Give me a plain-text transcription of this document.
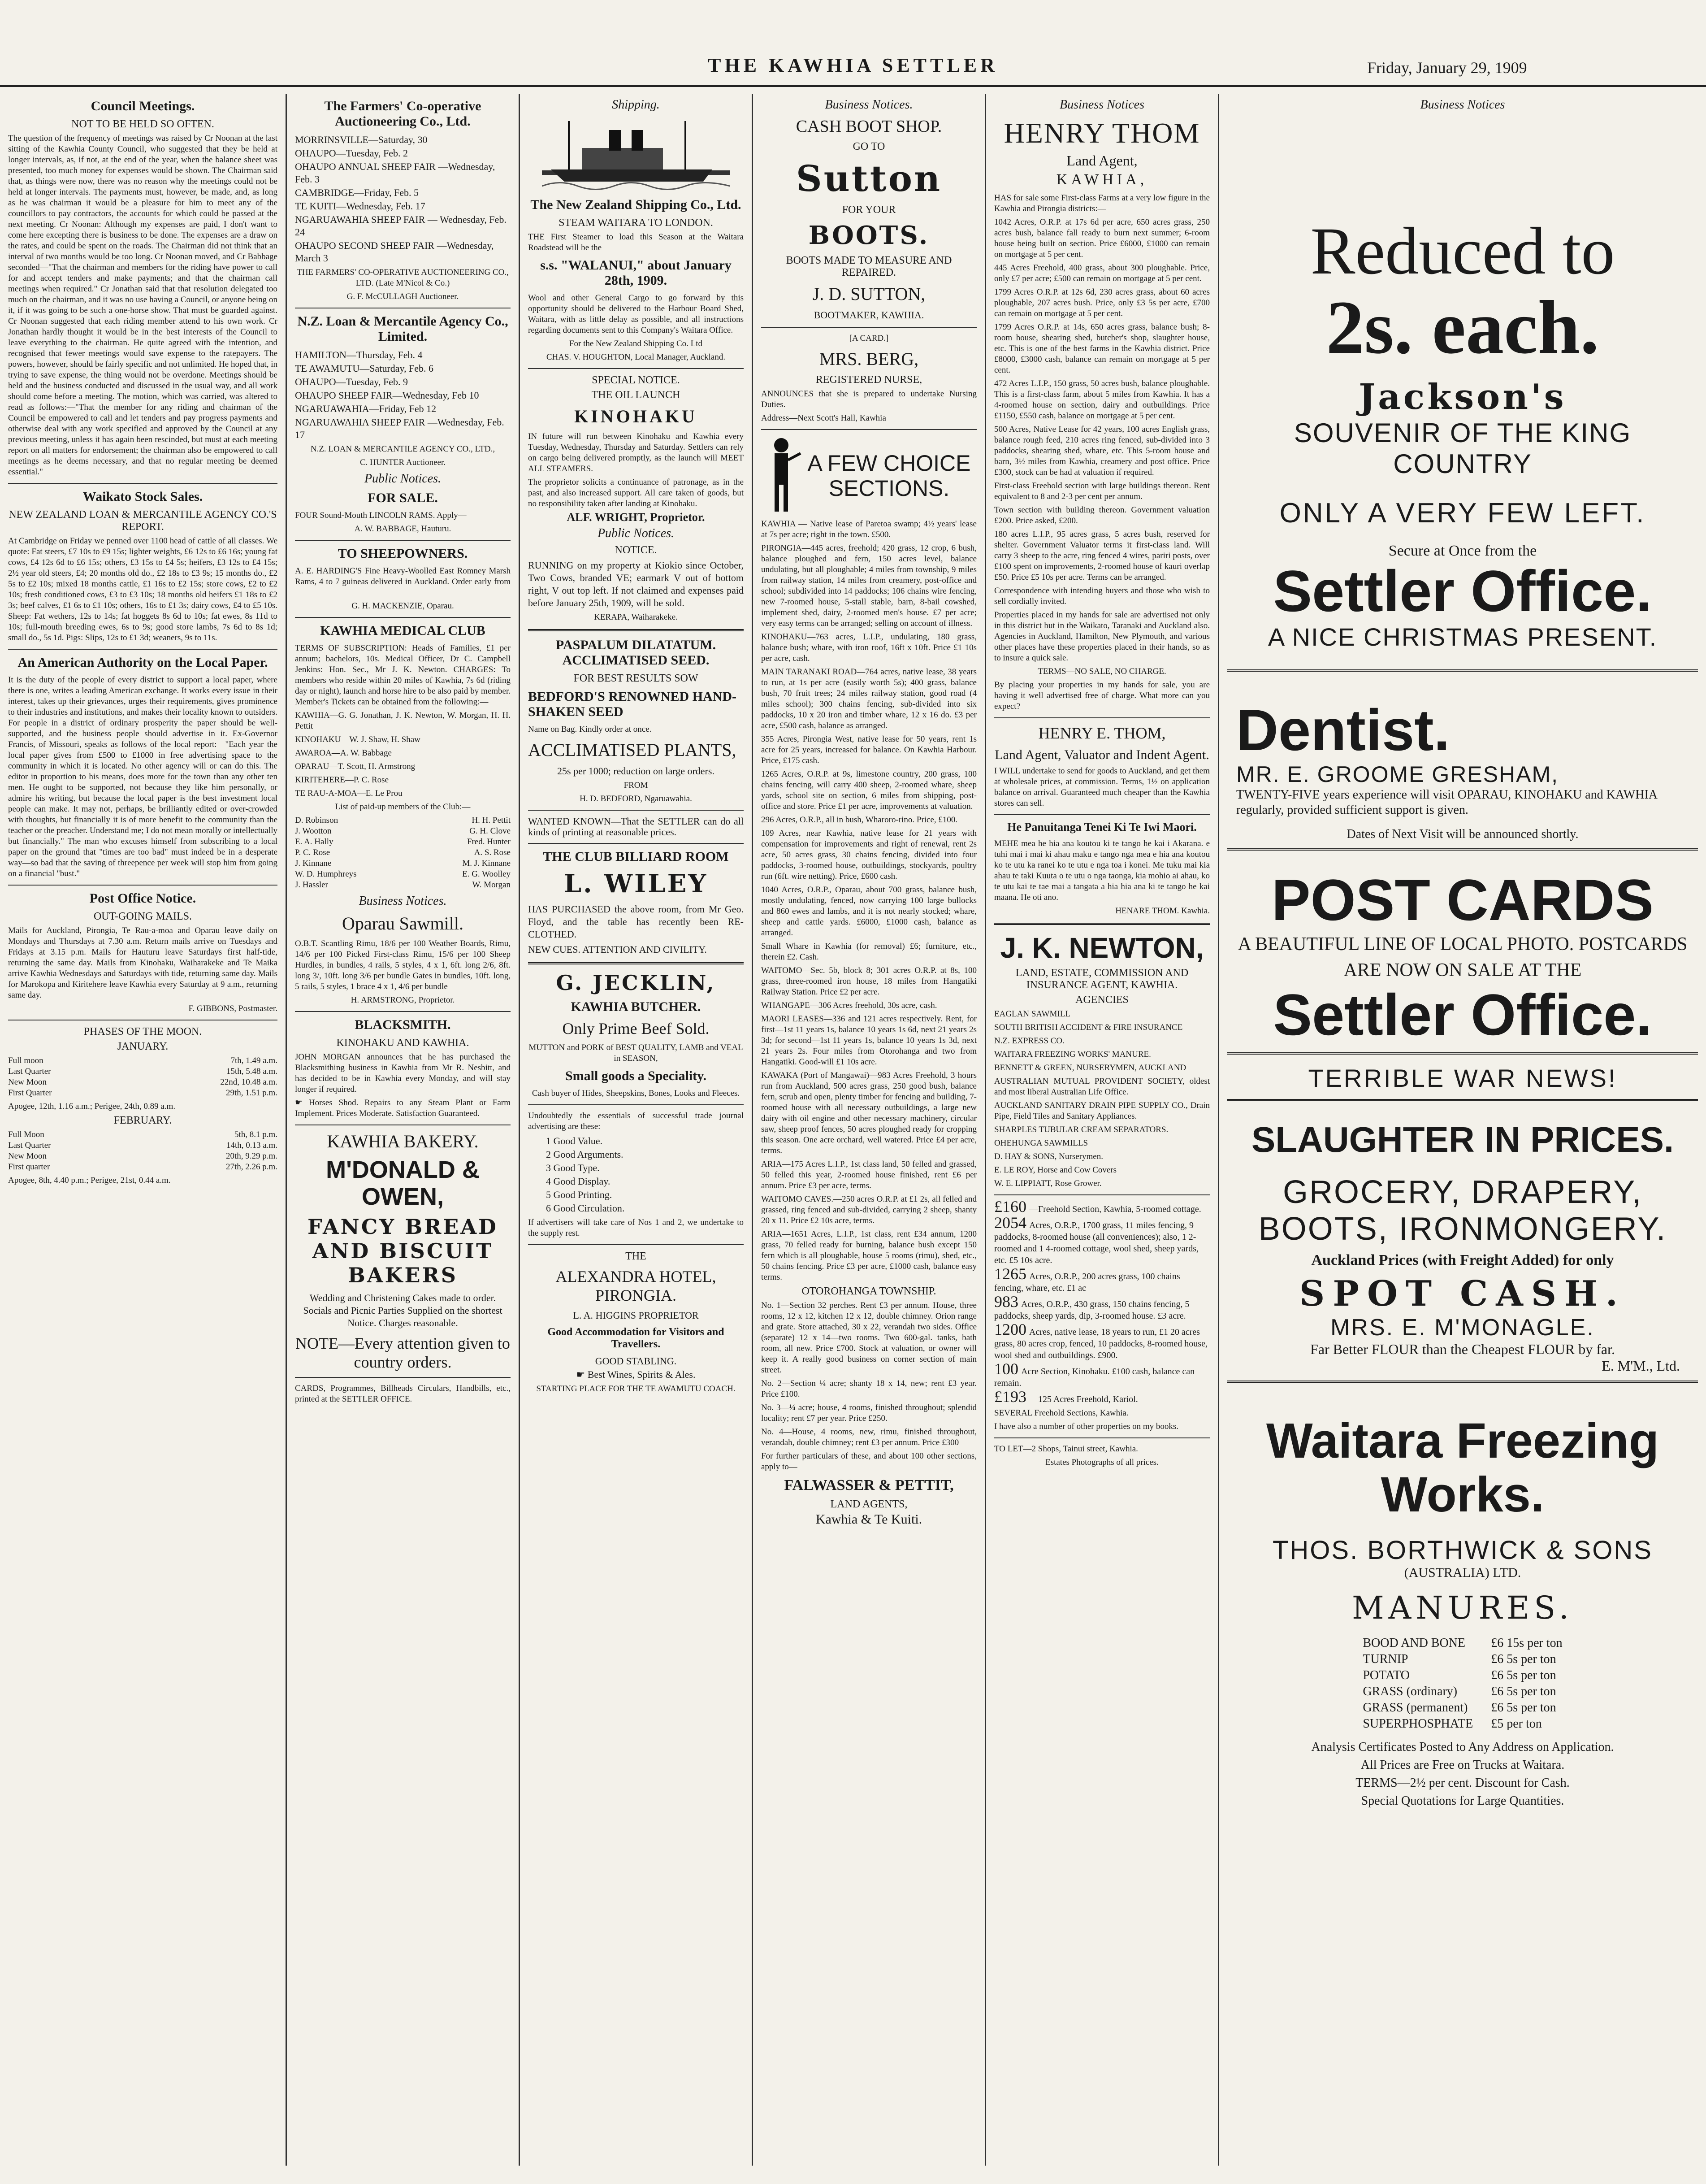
THE KAWHIA SETTLER	Friday, January 29, 1909
Council Meetings.
NOT TO BE HELD SO OFTEN.
The question of the frequency of meetings was raised by Cr Noonan at the last sitting of the Kawhia County Council, who suggested that they be held at longer intervals, as, if not, at the end of the year, when the balance sheet was presented, too much money for expenses would be shown. The Chairman said that, as things were now, there was no reason why the meetings could not be held at longer intervals. The payments must, however, be made, and, as long as he was chairman it would be a pleasure for him to meet any of the councillors to pay contractors, the accounts for which could be passed at the next meeting. Cr Noonan: Although my expenses are paid, I don't want to come here excepting there is business to be done. The expenses are a draw on the rates, and could be spent on the roads. The Chairman did not think that an interval of two months would be too long. Cr Noonan moved, and Cr Babbage seconded—"That the chairman and members for the riding have power to call for and accept tenders and make payments; and that the chairman call meetings when required." Cr Jonathan said that that resolution delegated too much on the chairman, and it was no use having a Council, or anyone being on it, if it was going to be such a one-horse show. That must be guarded against. Cr Noonan suggested that each riding member attend to his own work. Cr Jonathan hardly thought it would be in the best interests of the Council to leave everything to the chairman. He quite agreed with the intention, and recognised that fewer meetings would save expense to the ratepayers. The powers, however, should be fairly specific and not unlimited. He hoped that, in trying to save expense, the thing would not be overdone. Meetings should be held and the business conducted and discussed in the usual way, and all work should come before a meeting. The motion, which was carried, was altered to read as follows:—"That the member for any riding and chairman of the Council be empowered to call and let tenders and pay progress payments and otherwise deal with any work specified and approved by the Council at any previous meeting, unless it has again been rescinded, but must at each meeting report on all matters for endorsement; the chairman also be empowered to call meetings as he deems necessary, and that no regular meeting be deemed essential."
Waikato Stock Sales.
NEW ZEALAND LOAN & MERCANTILE AGENCY CO.'S REPORT.
At Cambridge on Friday we penned over 1100 head of cattle of all classes. We quote: Fat steers, £7 10s to £9 15s; lighter weights, £6 12s to £6 16s; young fat cows, £4 12s 6d to £6 15s; others, £3 15s to £4 5s; heifers, £3 12s to £4 15s; 2½ year old steers, £4; 20 months old do., £2 18s to £3 9s; 15 months do., £2 5s to £2 10s; mixed 18 months cattle, £1 16s to £2 15s; store cows, £2 to £2 10s; fresh conditioned cows, £3 to £3 10s; 18 months old heifers £1 18s to £2 3s; beef calves, £1 6s to £1 10s; others, 16s to £1 3s; dairy cows, £4 to £5 10s. Sheep: Fat wethers, 12s to 14s; fat hoggets 8s 6d to 10s; fat ewes, 8s 11d to 10s; full-mouth breeding ewes, 6s to 9s; good store lambs, 7s 6d to 8s 1d; small do., 5s 1d. Pigs: Slips, 12s to £1 3d; weaners, 9s to 11s.
An American Authority on the Local Paper.
It is the duty of the people of every district to support a local paper, where there is one, writes a leading American exchange. It works every issue in their interest, takes up their grievances, urges their requirements, gives prominence to their industries and institutions, and makes their locality known to outsiders. For people in a district of ordinary prosperity the paper should be well-supported, and the business people should advertise in it. Ex-Governor Francis, of Missouri, speaks as follows of the local report:—"Each year the local paper gives from £500 to £1000 in free advertising space to the community in which it is located. No other agency will or can do this. The editor in proportion to his means, does more for the town than any other ten men. He ought to be supported, not because they like him personally, or admire his writing, but because the local paper is the best investment local people can make. It may not, perhaps, be brilliantly edited or over-crowded with thoughts, but financially it is of more benefit to the community than the teacher or the preacher. Understand me; I do not mean morally or intellectually but financially." The man who excuses himself from subscribing to a local paper on the ground that "times are too bad" must indeed be in a desperate way—so bad that the saving of threepence per week will stop him from going on a financial "bust."
Post Office Notice.
OUT-GOING MAILS.
Mails for Auckland, Pirongia, Te Rau-a-moa and Oparau leave daily on Mondays and Thursdays at 7.30 a.m. Return mails arrive on Tuesdays and Fridays at 3.15 p.m. Mails for Hauturu leave Saturdays first half-tide, returning the same day. Mails from Kinohaku, Waiharakeke and Te Maika arrive Kawhia Wednesdays and Saturdays with tide, returning same day. Mails for Marokopa and Kiritehere leave Kawhia every Saturday at 9 a.m., returning same day.
F. GIBBONS, Postmaster.
PHASES OF THE MOON.
JANUARY.
Full moon	7th, 1.49 a.m.
Last Quarter	15th, 5.48 a.m.
New Moon	22nd, 10.48 a.m.
First Quarter	29th, 1.51 p.m.
Apogee, 12th, 1.16 a.m.; Perigee, 24th, 0.89 a.m.
FEBRUARY.
Full Moon	5th, 8.1 p.m.
Last Quarter	14th, 0.13 a.m.
New Moon	20th, 9.29 p.m.
First quarter	27th, 2.26 p.m.
Apogee, 8th, 4.40 p.m.; Perigee, 21st, 0.44 a.m.
The Farmers' Co-operative Auctioneering Co., Ltd.
MORRINSVILLE—Saturday, 30
OHAUPO—Tuesday, Feb. 2
OHAUPO ANNUAL SHEEP FAIR —Wednesday, Feb. 3
CAMBRIDGE—Friday, Feb. 5
TE KUITI—Wednesday, Feb. 17
NGARUAWAHIA SHEEP FAIR — Wednesday, Feb. 24
OHAUPO SECOND SHEEP FAIR —Wednesday, March 3
THE FARMERS' CO-OPERATIVE AUCTIONEERING CO., LTD. (Late M'Nicol & Co.)
G. F. McCULLAGH Auctioneer.
N.Z. Loan & Mercantile Agency Co., Limited.
HAMILTON—Thursday, Feb. 4
TE AWAMUTU—Saturday, Feb. 6
OHAUPO—Tuesday, Feb. 9
OHAUPO SHEEP FAIR—Wednesday, Feb 10
NGARUAWAHIA—Friday, Feb 12
NGARUAWAHIA SHEEP FAIR —Wednesday, Feb. 17
N.Z. LOAN & MERCANTILE AGENCY CO., LTD.,
C. HUNTER Auctioneer.
Public Notices.
FOR SALE.
FOUR Sound-Mouth LINCOLN RAMS. Apply—
A. W. BABBAGE, Hauturu.
TO SHEEPOWNERS.
A. E. HARDING'S Fine Heavy-Woolled East Romney Marsh Rams, 4 to 7 guineas delivered in Auckland. Order early from—
G. H. MACKENZIE, Oparau.
KAWHIA MEDICAL CLUB
TERMS OF SUBSCRIPTION: Heads of Families, £1 per annum; bachelors, 10s. Medical Officer, Dr C. Campbell Jenkins: Hon. Sec., Mr J. K. Newton. CHARGES: To members who reside within 20 miles of Kawhia, 7s 6d (riding day or night), launch and horse hire to be also paid by member. Member's Tickets can be obtained from the following:—
KAWHIA—G. G. Jonathan, J. K. Newton, W. Morgan, H. H. Pettit
KINOHAKU—W. J. Shaw, H. Shaw
AWAROA—A. W. Babbage
OPARAU—T. Scott, H. Armstrong
KIRITEHERE—P. C. Rose
TE RAU-A-MOA—E. Le Prou
List of paid-up members of the Club:—
D. Robinson	H. H. Pettit
J. Wootton	G. H. Clove
E. A. Hally	Fred. Hunter
P. C. Rose	A. S. Rose
J. Kinnane	M. J. Kinnane
W. D. Humphreys	E. G. Woolley
J. Hassler	W. Morgan
Business Notices.
Oparau Sawmill.
O.B.T. Scantling Rimu, 18/6 per 100 Weather Boards, Rimu, 14/6 per 100 Picked First-class Rimu, 15/6 per 100 Sheep Hurdles, in bundles, 4 rails, 5 styles, 4 x 1, 6ft. long 2/6, 8ft. long 3/, 10ft. long 3/6 per bundle Gates in bundles, 10ft. long, 5 rails, 5 styles, 1 brace 4 x 1, 4/6 per bundle
H. ARMSTRONG, Proprietor.
BLACKSMITH.
KINOHAKU AND KAWHIA.
JOHN MORGAN announces that he has purchased the Blacksmithing business in Kawhia from Mr R. Nesbitt, and has decided to be in Kawhia every Monday, and will stay longer if required.
☛ Horses Shod. Repairs to any Steam Plant or Farm Implement. Prices Moderate. Satisfaction Guaranteed.
KAWHIA BAKERY.
M'DONALD & OWEN,
FANCY BREAD AND BISCUIT BAKERS
Wedding and Christening Cakes made to order. Socials and Picnic Parties Supplied on the shortest Notice. Charges reasonable.
NOTE—Every attention given to country orders.
CARDS, Programmes, Billheads Circulars, Handbills, etc., printed at the SETTLER OFFICE.
Shipping.
The New Zealand Shipping Co., Ltd.
STEAM WAITARA TO LONDON.
THE First Steamer to load this Season at the Waitara Roadstead will be the
s.s. "WALANUI," about January 28th, 1909.
Wool and other General Cargo to go forward by this opportunity should be delivered to the Harbour Board Shed, Waitara, with as little delay as possible, and all instructions regarding documents sent to this Company's Waitara Office.
For the New Zealand Shipping Co. Ltd
CHAS. V. HOUGHTON, Local Manager, Auckland.
SPECIAL NOTICE.
THE OIL LAUNCH
KINOHAKU
IN future will run between Kinohaku and Kawhia every Tuesday, Wednesday, Thursday and Saturday. Settlers can rely on cargo being delivered promptly, as the launch will MEET ALL STEAMERS.
The proprietor solicits a continuance of patronage, as in the past, and also increased support. All care taken of goods, but no responsibility taken after landing at Kinohaku.
ALF. WRIGHT, Proprietor.
Public Notices.
NOTICE.
RUNNING on my property at Kiokio since October, Two Cows, branded VE; earmark V out of bottom right, V out top left. If not claimed and expenses paid before January 25th, 1909, will be sold.
KERAPA, Waiharakeke.
PASPALUM DILATATUM. ACCLIMATISED SEED.
FOR BEST RESULTS SOW
BEDFORD'S RENOWNED HAND-SHAKEN SEED
Name on Bag. Kindly order at once.
ACCLIMATISED PLANTS,
25s per 1000; reduction on large orders.
FROM
H. D. BEDFORD, Ngaruawahia.
WANTED KNOWN—That the SETTLER can do all kinds of printing at reasonable prices.
THE CLUB BILLIARD ROOM
L. WILEY
HAS PURCHASED the above room, from Mr Geo. Floyd, and the table has recently been RE-CLOTHED.
NEW CUES. ATTENTION AND CIVILITY.
G. JECKLIN,
KAWHIA BUTCHER.
Only Prime Beef Sold.
MUTTON and PORK of BEST QUALITY, LAMB and VEAL in SEASON,
Small goods a Speciality.
Cash buyer of Hides, Sheepskins, Bones, Looks and Fleeces.
Undoubtedly the essentials of successful trade journal advertising are these:—
1 Good Value.
2 Good Arguments.
3 Good Type.
4 Good Display.
5 Good Printing.
6 Good Circulation.
If advertisers will take care of Nos 1 and 2, we undertake to the supply rest.
THE
ALEXANDRA HOTEL, PIRONGIA.
L. A. HIGGINS PROPRIETOR
Good Accommodation for Visitors and Travellers.
GOOD STABLING.
☛ Best Wines, Spirits & Ales.
STARTING PLACE FOR THE TE AWAMUTU COACH.
Business Notices.
CASH BOOT SHOP.
GO TO
Sutton
FOR YOUR
BOOTS.
BOOTS MADE TO MEASURE AND REPAIRED.
J. D. SUTTON,
BOOTMAKER, KAWHIA.
[A CARD.]
MRS. BERG,
REGISTERED NURSE,
ANNOUNCES that she is prepared to undertake Nursing Duties.
Address—Next Scott's Hall, Kawhia
A FEW CHOICE SECTIONS.
KAWHIA — Native lease of Paretoa swamp; 4½ years' lease at 7s per acre; right in the town. £500.
PIRONGIA—445 acres, freehold; 420 grass, 12 crop, 6 bush, balance ploughed and fern, 150 acres level, balance undulating, but all ploughable; 4 miles from township, 9 miles from railway station, 14 miles from creamery, post-office and school; subdivided into 14 paddocks; 106 chains wire fencing, new 7-roomed house, 5-stall stable, barn, 8-bail cowshed, implement shed, dairy, 2-roomed men's house. £7 per acre; very easy terms can be arranged; selling on account of illness.
KINOHAKU—763 acres, L.I.P., undulating, 180 grass, balance bush; whare, with iron roof, 16ft x 10ft. Price £1 10s per acre, cash.
MAIN TARANAKI ROAD—764 acres, native lease, 38 years to run, at 1s per acre (easily worth 5s); 400 grass, balance bush, 70 fruit trees; 24 miles railway station, good road (4 miles school); 300 chains fencing, sub-divided into six paddocks, 10 x 20 iron and timber whare, 12 x 16 do. £3 per acre, £500 cash, balance as arranged.
355 Acres, Pirongia West, native lease for 50 years, rent 1s acre for 25 years, increased for balance. On Kawhia Harbour. Price, £175 cash.
1265 Acres, O.R.P. at 9s, limestone country, 200 grass, 100 chains fencing, will carry 400 sheep, 2-roomed whare, sheep yards, school site on section, 6 miles from shipping, post-office and store. Price £1 per acre, improvements at valuation.
296 Acres, O.R.P., all in bush, Wharoro-rino. Price, £100.
109 Acres, near Kawhia, native lease for 21 years with compensation for improvements and right of renewal, rent 2s acre, 50 acres grass, 30 chains fencing, divided into four paddocks, 3-roomed house, outbuildings, stockyards, poultry run (6ft. wire netting). Price, £600 cash.
1040 Acres, O.R.P., Oparau, about 700 grass, balance bush, mostly undulating, fenced, now carrying 100 large bullocks and 860 ewes and lambs, and it is not nearly stocked; whare, sheep and cattle yards. £6000, £1000 cash, balance as arranged.
Small Whare in Kawhia (for removal) £6; furniture, etc., therein £2. Cash.
WAITOMO—Sec. 5b, block 8; 301 acres O.R.P. at 8s, 100 grass, three-roomed iron house, 18 miles from Hangatiki Railway Station. Price £2 per acre.
WHANGAPE—306 Acres freehold, 30s acre, cash.
MAORI LEASES—336 and 121 acres respectively. Rent, for first—1st 11 years 1s, balance 10 years 1s 6d, next 21 years 2s 3d; for second—1st 11 years 1s, balance 10 years 1s 3d, next 21 years 2s. Four miles from Otorohanga and two from Hangatiki. Good-will £1 10s acre.
KAWAKA (Port of Mangawai)—983 Acres Freehold, 3 hours run from Auckland, 500 acres grass, 250 good bush, balance fern, scrub and open, plenty timber for fencing and building, 7-roomed house with all necessary outbuildings, a large new dairy with oil engine and other necessary machinery, circular saw, sheep proof fences, 50 acres ploughed ready for cropping this season. One acre orchard, well watered. Price £4 per acre, terms.
ARIA—175 Acres L.I.P., 1st class land, 50 felled and grassed, 50 felled this year, 2-roomed house finished, rent £6 per annum. Price £3 per acre, terms.
WAITOMO CAVES.—250 acres O.R.P. at £1 2s, all felled and grassed, ring fenced and sub-divided, carrying 2 sheep, shanty 20 x 11. Price £2 10s acre, terms.
ARIA—1651 Acres, L.I.P., 1st class, rent £34 annum, 1200 grass, 70 felled ready for burning, balance bush except 150 fern which is all ploughable, house 5 rooms (rimu), shed, etc., 50 chains fencing. Price £3 per acre, £1000 cash, balance easy terms.
OTOROHANGA TOWNSHIP.
No. 1—Section 32 perches. Rent £3 per annum. House, three rooms, 12 x 12, kitchen 12 x 12, double chimney. Orion range and grate. Store attached, 30 x 22, verandah two sides. Office (separate) 12 x 14—two rooms. Two 600-gal. tanks, bath room, all new. Price £700. Stock at valuation, or owner will keep it. A really good business on corner section of main street.
No. 2—Section ¼ acre; shanty 18 x 14, new; rent £3 year. Price £100.
No. 3—¼ acre; house, 4 rooms, finished throughout; splendid locality; rent £7 per year. Price £250.
No. 4—House, 4 rooms, new, rimu, finished throughout, verandah, double chimney; rent £3 per annum. Price £300
For further particulars of these, and about 100 other sections, apply to—
FALWASSER & PETTIT,
LAND AGENTS,
Kawhia & Te Kuiti.
Business Notices
HENRY THOM
Land Agent,
KAWHIA,
HAS for sale some First-class Farms at a very low figure in the Kawhia and Pirongia districts:—
1042 Acres, O.R.P. at 17s 6d per acre, 650 acres grass, 250 acres bush, balance fall ready to burn next summer; 6-room house being built on section. Price £6000, £1000 can remain on mortgage at 5 per cent.
445 Acres Freehold, 400 grass, about 300 ploughable. Price, only £7 per acre; £500 can remain on mortgage at 5 per cent.
1799 Acres O.R.P. at 12s 6d, 230 acres grass, about 60 acres ploughable, 207 acres bush. Price, only £3 5s per acre, £700 can remain on mortgage at 5 per cent.
1799 Acres O.R.P. at 14s, 650 acres grass, balance bush; 8-room house, shearing shed, butcher's shop, slaughter house, etc. This is one of the best farms in the Kawhia district. Price £8000, £3000 cash, balance can remain on mortgage at 5 per cent.
472 Acres L.I.P., 150 grass, 50 acres bush, balance ploughable. This is a first-class farm, about 5 miles from Kawhia. It has a 4-roomed house on section, dairy and outbuildings. Price £1150, £550 cash, balance on mortgage at 5 per cent.
500 Acres, Native Lease for 42 years, 100 acres English grass, balance rough feed, 210 acres ring fenced, sub-divided into 3 paddocks, shearing shed, whare, etc. This 5-room house and barn, 3½ miles from Kawhia, creamery and post office. Price £300, stock can be had at valuation if required.
First-class Freehold section with large buildings thereon. Rent equivalent to 8 and 2-3 per cent per annum.
Town section with building thereon. Government valuation £200. Price asked, £200.
180 acres L.I.P., 95 acres grass, 5 acres bush, reserved for shelter. Government Valuator terms it first-class land. Will carry 3 sheep to the acre, ring fenced 4 wires, pariri posts, over £100 spent on improvements, 2-roomed house of kauri overlap £50. Price £5 10s per acre. Terms can be arranged.
Correspondence with intending buyers and those who wish to sell cordially invited.
Properties placed in my hands for sale are advertised not only in this district but in the Waikato, Taranaki and Auckland also. Agencies in Auckland, Hamilton, New Plymouth, and various other places have these properties placed in their hands, so as to insure a quick sale.
TERMS—NO SALE, NO CHARGE.
By placing your properties in my hands for sale, you are having it well advertised free of charge. What more can you expect?
HENRY E. THOM,
Land Agent, Valuator and Indent Agent.
I WILL undertake to send for goods to Auckland, and get them at wholesale prices, at commission. Terms, 1½ on application balance on arrival. Guaranteed much cheaper than the Kawhia stores can sell.
He Panuitanga Tenei Ki Te Iwi Maori.
MEHE mea he hia ana koutou ki te tango he kai i Akarana. e tuhi mai i mai ki ahau maku e tango nga mea e hia ana koutou ko te utu ka ranei ko te utu e nga toa i konei. Me tuku mai kia ahau te taki Kuuta o te utu o nga taonga, kia mohio ai ahau, ko te utu kai te tae mai a tangata a hia hia ana ki te tango he kai maana. He oti ano.
HENARE THOM. Kawhia.
J. K. NEWTON,
LAND, ESTATE, COMMISSION AND INSURANCE AGENT, KAWHIA.
AGENCIES
EAGLAN SAWMILL
SOUTH BRITISH ACCIDENT & FIRE INSURANCE
N.Z. EXPRESS CO.
WAITARA FREEZING WORKS' MANURE.
BENNETT & GREEN, NURSERYMEN, AUCKLAND
AUSTRALIAN MUTUAL PROVIDENT SOCIETY, oldest and most liberal Australian Life Office.
AUCKLAND SANITARY DRAIN PIPE SUPPLY CO., Drain Pipe, Field Tiles and Sanitary Appliances.
SHARPLES TUBULAR CREAM SEPARATORS.
OHEHUNGA SAWMILLS
D. HAY & SONS, Nurserymen.
E. LE ROY, Horse and Cow Covers
W. E. LIPPIATT, Rose Grower.
£160 —Freehold Section, Kawhia, 5-roomed cottage.
2054 Acres, O.R.P., 1700 grass, 11 miles fencing, 9 paddocks, 8-roomed house (all conveniences); also, 1 2-roomed and 1 4-roomed cottage, wool shed, sheep yards, etc. £5 10s acre.
1265 Acres, O.R.P., 200 acres grass, 100 chains fencing, whare, etc. £1 ac
983 Acres, O.R.P., 430 grass, 150 chains fencing, 5 paddocks, sheep yards, dip, 3-roomed house. £3 acre.
1200 Acres, native lease, 18 years to run, £1 20 acres grass, 80 acres crop, fenced, 10 paddocks, 8-roomed house, wool shed and outbuildings. £900.
100 Acre Section, Kinohaku. £100 cash, balance can remain.
£193 —125 Acres Freehold, Kariol.
SEVERAL Freehold Sections, Kawhia.
I have also a number of other properties on my books.
TO LET—2 Shops, Tainui street, Kawhia.
Estates Photographs of all prices.
Business Notices
Reduced to
2s. each.
Jackson's
SOUVENIR OF THE KING COUNTRY
ONLY A VERY FEW LEFT.
Secure at Once from the
Settler Office.
A NICE CHRISTMAS PRESENT.
Dentist.
MR. E. GROOME GRESHAM,
TWENTY-FIVE years experience will visit OPARAU, KINOHAKU and KAWHIA regularly, provided sufficient support is given.
Dates of Next Visit will be announced shortly.
POST CARDS
A BEAUTIFUL LINE OF LOCAL PHOTO. POSTCARDS ARE NOW ON SALE AT THE
Settler Office.
TERRIBLE WAR NEWS!
SLAUGHTER IN PRICES.
GROCERY, DRAPERY, BOOTS, IRONMONGERY.
Auckland Prices (with Freight Added) for only
SPOT CASH.
MRS. E. M'MONAGLE.
Far Better FLOUR than the Cheapest FLOUR by far.
E. M'M., Ltd.
Waitara Freezing Works.
THOS. BORTHWICK & SONS
(AUSTRALIA) LTD.
MANURES.
BOOD AND BONE	£6 15s per ton
TURNIP	£6 5s per ton
POTATO	£6 5s per ton
GRASS (ordinary)	£6 5s per ton
GRASS (permanent)	£6 5s per ton
SUPERPHOSPHATE	£5 per ton
Analysis Certificates Posted to Any Address on Application.
All Prices are Free on Trucks at Waitara.
TERMS—2½ per cent. Discount for Cash.
Special Quotations for Large Quantities.
